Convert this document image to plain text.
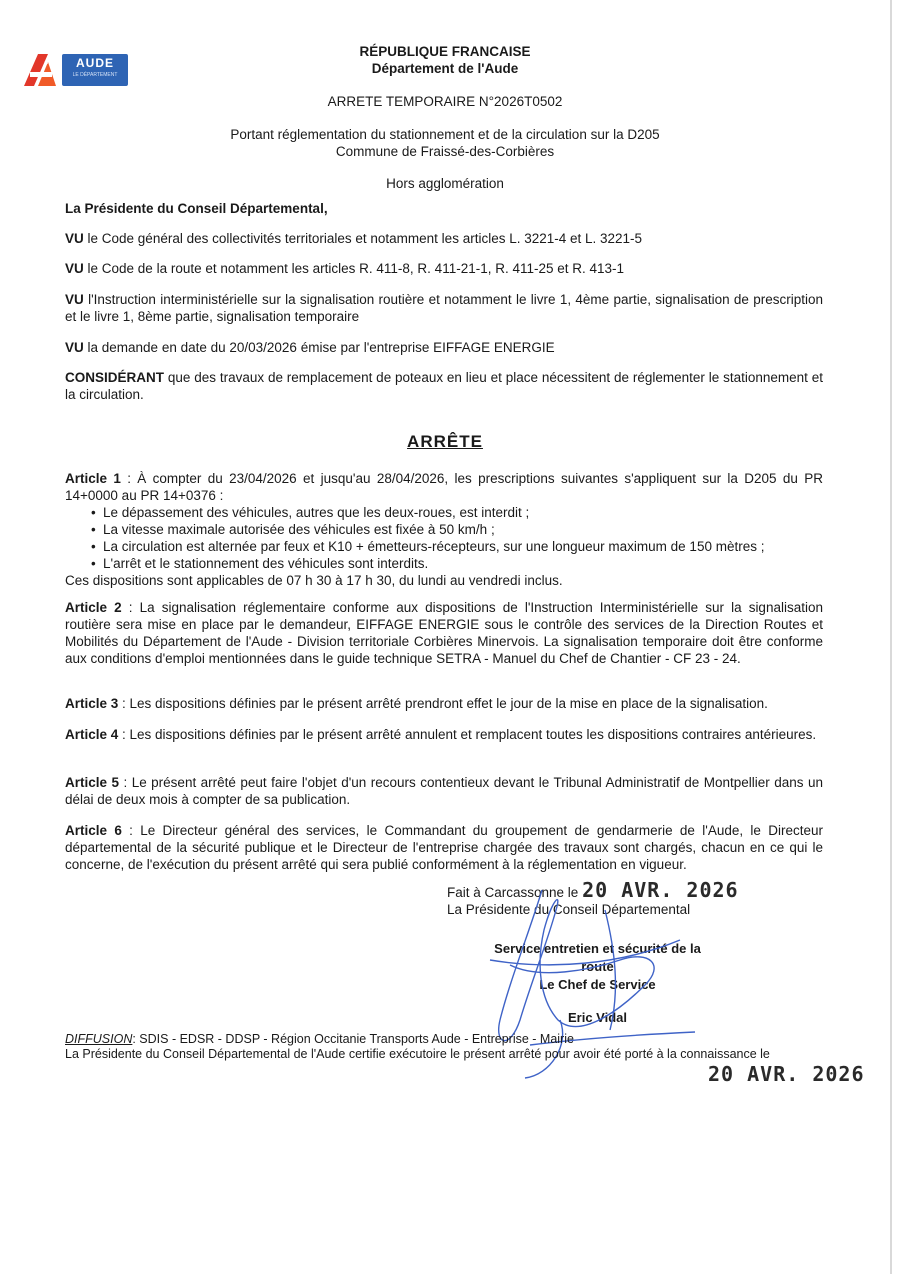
+	AUDE
LE DÉPARTEMENT
RÉPUBLIQUE FRANCAISE
Département de l'Aude
ARRETE TEMPORAIRE N°2026T0502
Portant réglementation du stationnement et de la circulation sur la D205
Commune de Fraissé-des-Corbières
Hors agglomération
La Présidente du Conseil Départemental,
VU le Code général des collectivités territoriales et notamment les articles L. 3221-4 et L. 3221-5
VU le Code de la route et notamment les articles R. 411-8, R. 411-21-1, R. 411-25 et R. 413-1
VU l'Instruction interministérielle sur la signalisation routière et notamment le livre 1, 4ème partie, signalisation de prescription et le livre 1, 8ème partie, signalisation temporaire
VU la demande en date du 20/03/2026 émise par l'entreprise EIFFAGE ENERGIE
CONSIDÉRANT que des travaux de remplacement de poteaux en lieu et place nécessitent de réglementer le stationnement et la circulation.
ARRÊTE
Article 1 : À compter du 23/04/2026 et jusqu'au 28/04/2026, les prescriptions suivantes s'appliquent sur la D205 du PR 14+0000 au PR 14+0376 :
• Le dépassement des véhicules, autres que les deux-roues, est interdit ;
• La vitesse maximale autorisée des véhicules est fixée à 50 km/h ;
• La circulation est alternée par feux et K10 + émetteurs-récepteurs, sur une longueur maximum de 150 mètres ;
• L'arrêt et le stationnement des véhicules sont interdits.
Ces dispositions sont applicables de 07 h 30 à 17 h 30, du lundi au vendredi inclus.
Article 2 : La signalisation réglementaire conforme aux dispositions de l'Instruction Interministérielle sur la signalisation routière sera mise en place par le demandeur, EIFFAGE ENERGIE sous le contrôle des services de la Direction Routes et Mobilités du Département de l'Aude - Division territoriale Corbières Minervois. La signalisation temporaire doit être conforme aux conditions d'emploi mentionnées dans le guide technique SETRA - Manuel du Chef de Chantier - CF 23 - 24.
Article 3 : Les dispositions définies par le présent arrêté prendront effet le jour de la mise en place de la signalisation.
Article 4 : Les dispositions définies par le présent arrêté annulent et remplacent toutes les dispositions contraires antérieures.
Article 5 : Le présent arrêté peut faire l'objet d'un recours contentieux devant le Tribunal Administratif de Montpellier dans un délai de deux mois à compter de sa publication.
Article 6 : Le Directeur général des services, le Commandant du groupement de gendarmerie de l'Aude, le Directeur départemental de la sécurité publique et le Directeur de l'entreprise chargée des travaux sont chargés, chacun en ce qui le concerne, de l'exécution du présent arrêté qui sera publié conformément à la réglementation en vigueur.
Fait à Carcassonne le 20 AVR. 2026
La Présidente du Conseil Départemental
Service entretien et sécurité de la route
Le Chef de Service
Eric Vidal
DIFFUSION: SDIS - EDSR - DDSP - Région Occitanie Transports Aude - Entreprise - Mairie
La Présidente du Conseil Départemental de l'Aude certifie exécutoire le présent arrêté pour avoir été porté à la connaissance le
20 AVR. 2026
